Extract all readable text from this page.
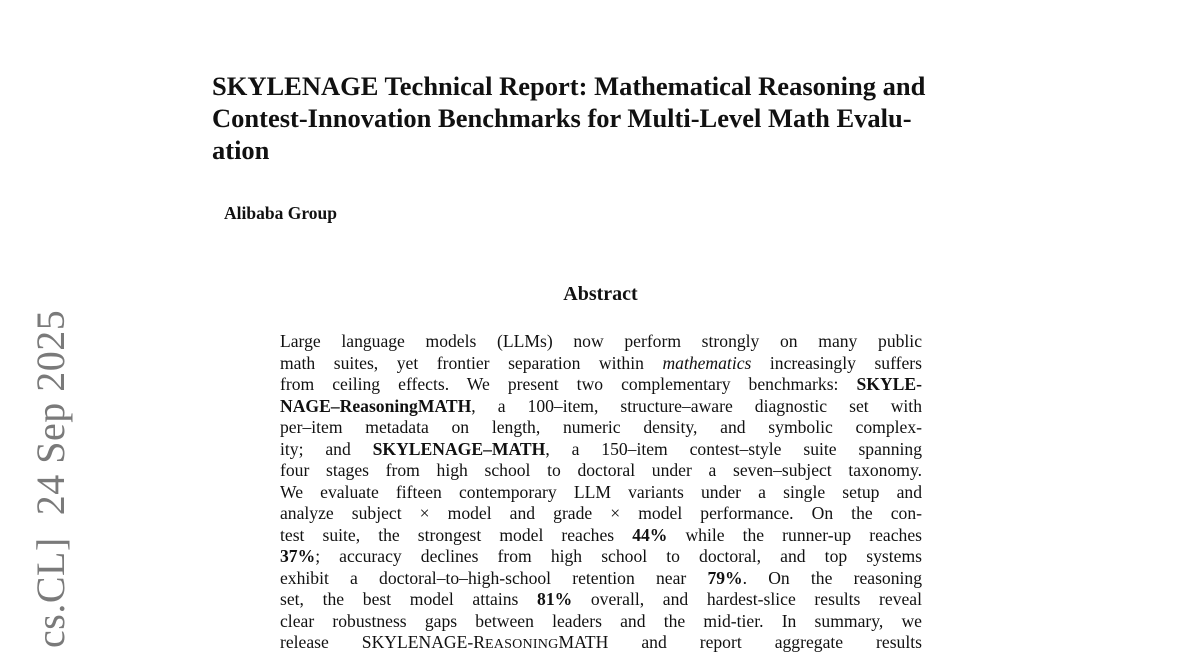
cs.CL]24 Sep 2025
SKYLENAGE Technical Report: Mathematical Reasoning and
Contest-Innovation Benchmarks for Multi-Level Math Evalu-
ation
Alibaba Group
Abstract
Large language models (LLMs) now perform strongly on many public
math suites, yet frontier separation within mathematics increasingly suffers
from ceiling effects. We present two complementary benchmarks: SKYLE-
NAGE–ReasoningMATH, a 100–item, structure–aware diagnostic set with
per–item metadata on length, numeric density, and symbolic complex-
ity; and SKYLENAGE–MATH, a 150–item contest–style suite spanning
four stages from high school to doctoral under a seven–subject taxonomy.
We evaluate fifteen contemporary LLM variants under a single setup and
analyze subject × model and grade × model performance. On the con-
test suite, the strongest model reaches 44% while the runner-up reaches
37%; accuracy declines from high school to doctoral, and top systems
exhibit a doctoral–to–high-school retention near 79%. On the reasoning
set, the best model attains 81% overall, and hardest-slice results reveal
clear robustness gaps between leaders and the mid-tier. In summary, we
release SKYLENAGE-REASONINGMATH and report aggregate results
